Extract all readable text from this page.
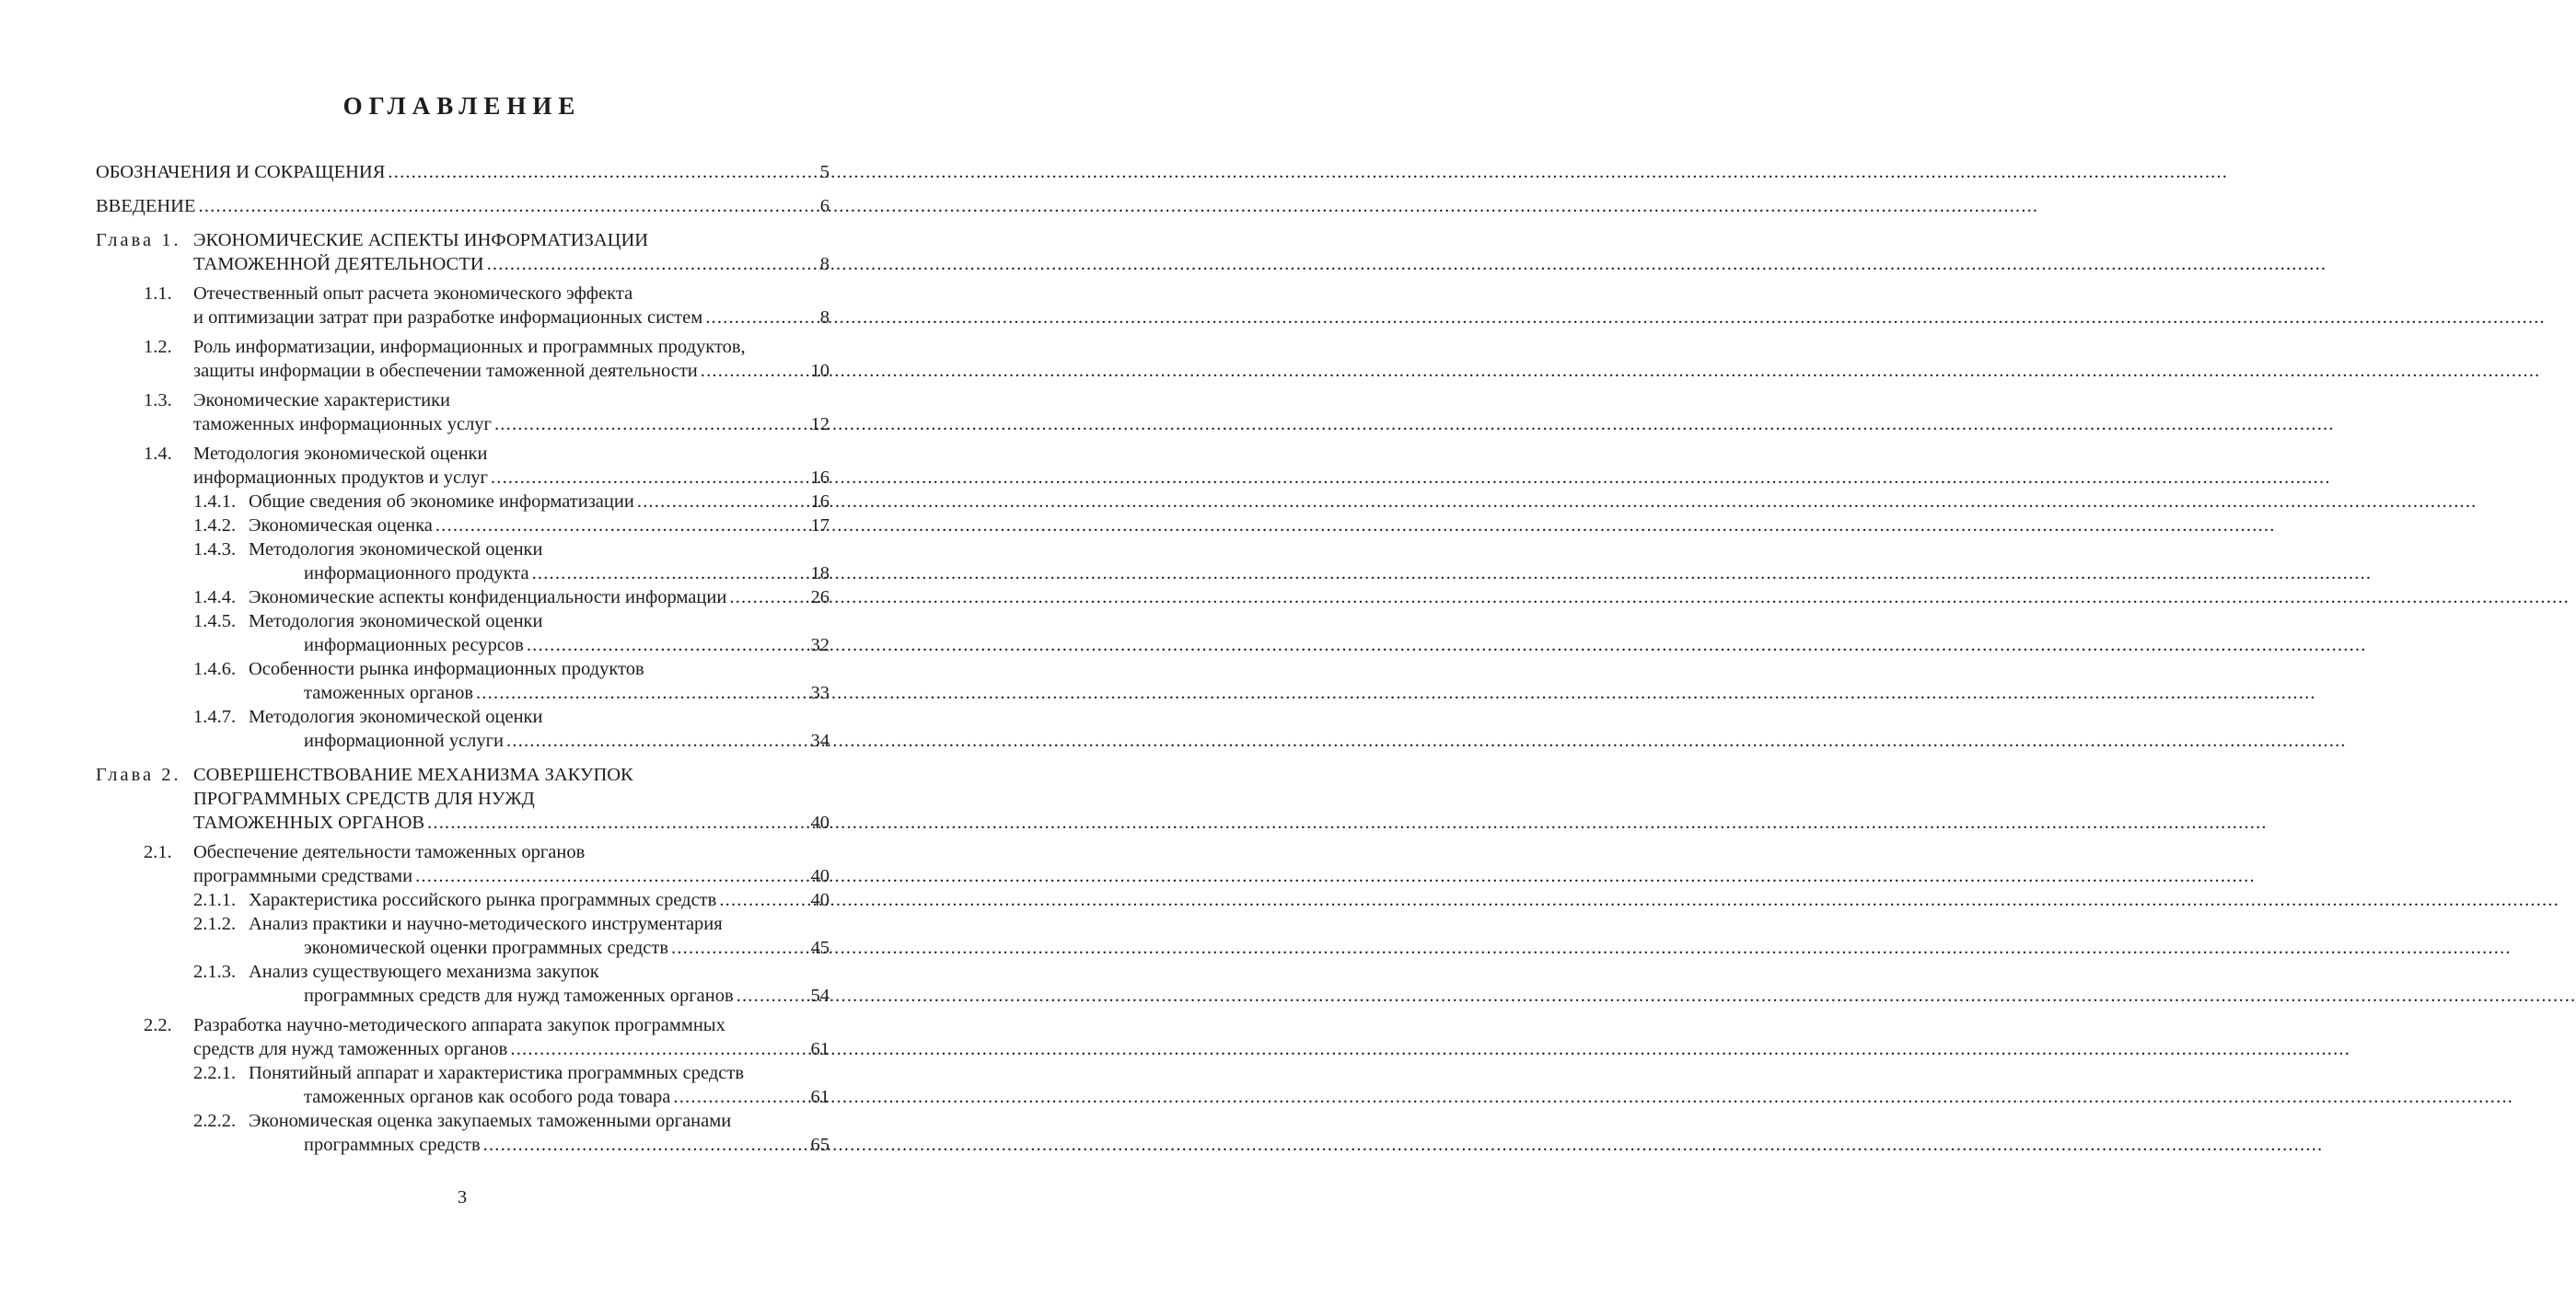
ОГЛАВЛЕНИЕ
ОБОЗНАЧЕНИЯ И СОКРАЩЕНИЯ .....	5
ВВЕДЕНИЕ .....	6
Глава 1. ЭКОНОМИЧЕСКИЕ АСПЕКТЫ ИНФОРМАТИЗАЦИИ
ТАМОЖЕННОЙ ДЕЯТЕЛЬНОСТИ .....	8
1.1. Отечественный опыт расчета экономического эффекта
и оптимизации затрат при разработке информационных систем .....	8
1.2. Роль информатизации, информационных и программных продуктов,
защиты информации в обеспечении таможенной деятельности .....	10
1.3. Экономические характеристики
таможенных информационных услуг .....	12
1.4. Методология экономической оценки
информационных продуктов и услуг .....	16
1.4.1. Общие сведения об экономике информатизации .....	16
1.4.2. Экономическая оценка .....	17
1.4.3. Методология экономической оценки
информационного продукта .....	18
1.4.4. Экономические аспекты конфиденциальности информации .....	26
1.4.5. Методология экономической оценки
информационных ресурсов .....	32
1.4.6. Особенности рынка информационных продуктов
таможенных органов .....	33
1.4.7. Методология экономической оценки
информационной услуги .....	34
Глава 2. СОВЕРШЕНСТВОВАНИЕ МЕХАНИЗМА ЗАКУПОК
ПРОГРАММНЫХ СРЕДСТВ ДЛЯ НУЖД
ТАМОЖЕННЫХ ОРГАНОВ .....	40
2.1. Обеспечение деятельности таможенных органов
программными средствами .....	40
2.1.1. Характеристика российского рынка программных средств .....	40
2.1.2. Анализ практики и научно-методического инструментария
экономической оценки программных средств .....	45
2.1.3. Анализ существующего механизма закупок
программных средств для нужд таможенных органов .....	54
2.2. Разработка научно-методического аппарата закупок программных
средств для нужд таможенных органов .....	61
2.2.1. Понятийный аппарат и характеристика программных средств
таможенных органов как особого рода товара .....	61
2.2.2. Экономическая оценка закупаемых таможенными органами
программных средств .....	65
3
